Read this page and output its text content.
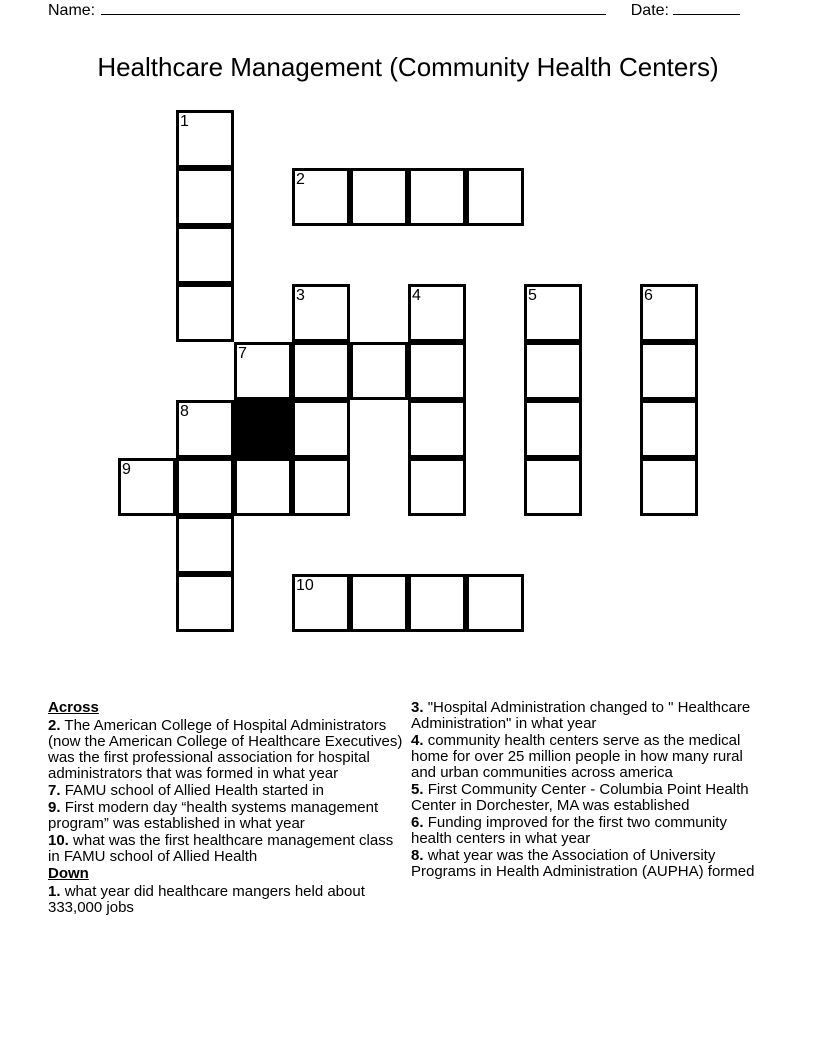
Name:	Date:
Healthcare Management (Community Health Centers)
1
2
3	4	5	6
7
8
9
10
Across
2. The American College of Hospital Administrators (now the American College of Healthcare Executives) was the first professional association for hospital administrators that was formed in what year
7. FAMU school of Allied Health started in
9. First modern day “health systems management program” was established in what year
10. what was the first healthcare management class in FAMU school of Allied Health
Down
1. what year did healthcare mangers held about 333,000 jobs
3. "Hospital Administration changed to " Healthcare Administration" in what year
4. community health centers serve as the medical home for over 25 million people in how many rural and urban communities across america
5. First Community Center - Columbia Point Health Center in Dorchester, MA was established
6. Funding improved for the first two community health centers in what year
8. what year was the Association of University Programs in Health Administration (AUPHA) formed
